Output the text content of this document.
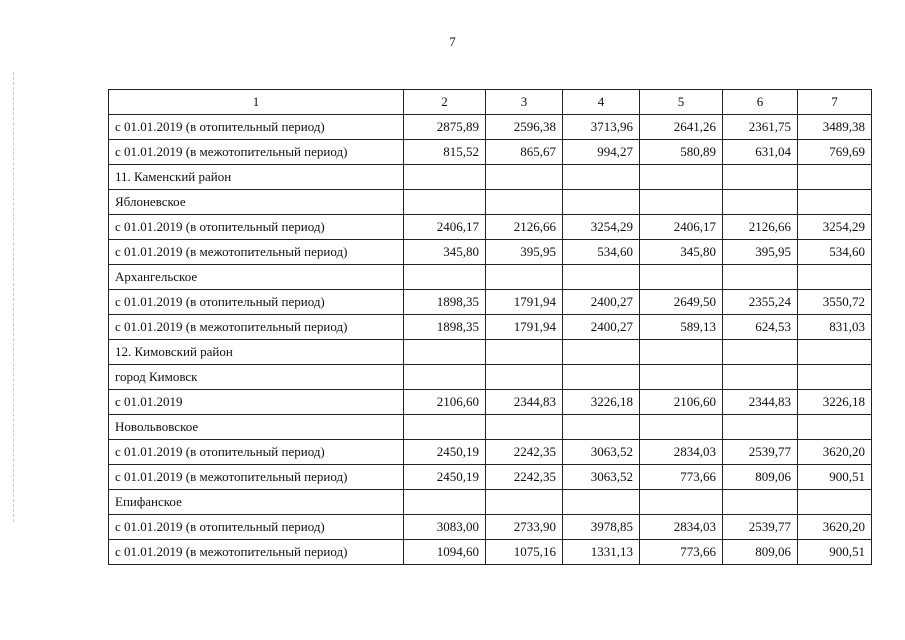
7
1	2	3	4	5	6	7
с 01.01.2019 (в отопительный период)	2875,89	2596,38	3713,96	2641,26	2361,75	3489,38
с 01.01.2019 (в межотопительный период)	815,52	865,67	994,27	580,89	631,04	769,69
11. Каменский район						
Яблоневское						
с 01.01.2019 (в отопительный период)	2406,17	2126,66	3254,29	2406,17	2126,66	3254,29
с 01.01.2019 (в межотопительный период)	345,80	395,95	534,60	345,80	395,95	534,60
Архангельское						
с 01.01.2019 (в отопительный период)	1898,35	1791,94	2400,27	2649,50	2355,24	3550,72
с 01.01.2019 (в межотопительный период)	1898,35	1791,94	2400,27	589,13	624,53	831,03
12. Кимовский район						
город Кимовск						
с 01.01.2019	2106,60	2344,83	3226,18	2106,60	2344,83	3226,18
Новольвовское						
с 01.01.2019 (в отопительный период)	2450,19	2242,35	3063,52	2834,03	2539,77	3620,20
с 01.01.2019 (в межотопительный период)	2450,19	2242,35	3063,52	773,66	809,06	900,51
Епифанское						
с 01.01.2019 (в отопительный период)	3083,00	2733,90	3978,85	2834,03	2539,77	3620,20
с 01.01.2019 (в межотопительный период)	1094,60	1075,16	1331,13	773,66	809,06	900,51
